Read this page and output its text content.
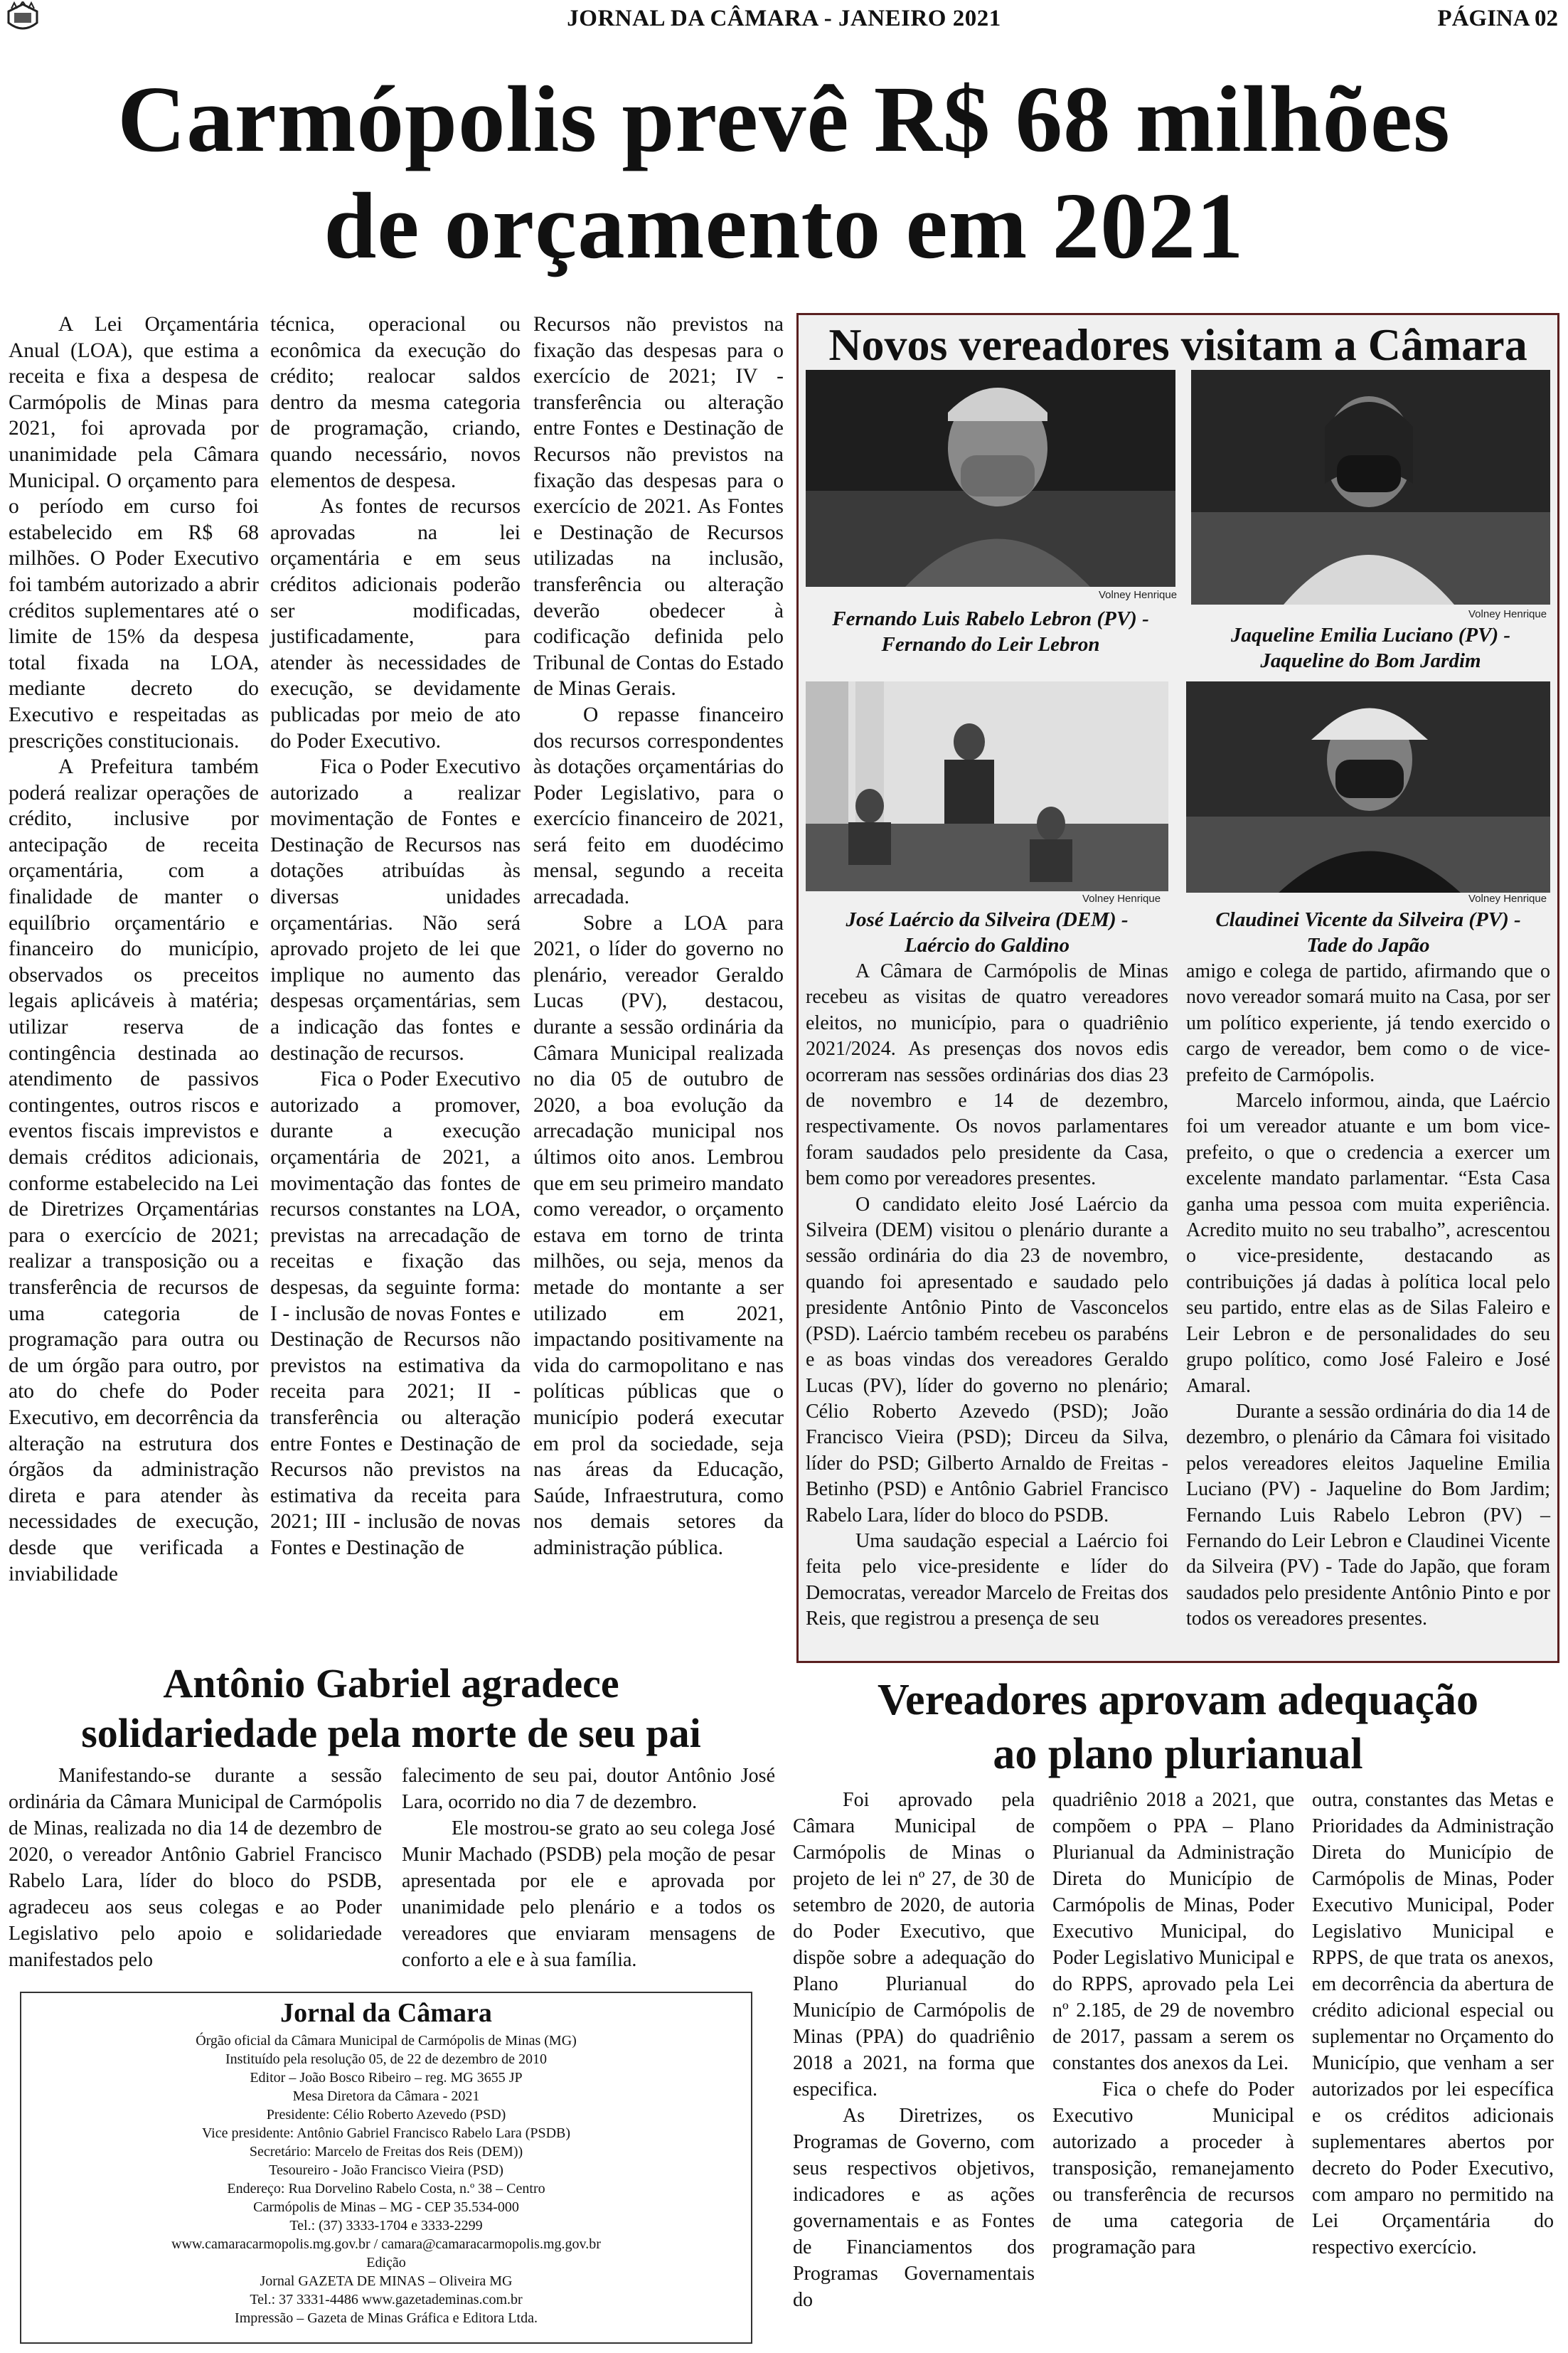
JORNAL DA CÂMARA - JANEIRO 2021	PÁGINA 02
Carmópolis prevê R$ 68 milhões
de orçamento em 2021

A Lei Orçamentária Anual (LOA), que estima a receita e fixa a despesa de Carmópolis de Minas para 2021, foi aprovada por unanimidade pela Câmara Municipal. O orçamento para o período em curso foi estabelecido em R$ 68 milhões. O Poder Executivo foi também autorizado a abrir créditos suplementares até o limite de 15% da despesa total fixada na LOA, mediante decreto do Executivo e respeitadas as prescrições constitucionais.

A Prefeitura também poderá realizar operações de crédito, inclusive por antecipação de receita orçamentária, com a finalidade de manter o equilíbrio orçamentário e financeiro do município, observados os preceitos legais aplicáveis à matéria; utilizar reserva de contingência destinada ao atendimento de passivos contingentes, outros riscos e eventos fiscais imprevistos e demais créditos adicionais, conforme estabelecido na Lei de Diretrizes Orçamentárias para o exercício de 2021; realizar a transposição ou a transferência de recursos de uma categoria de programação para outra ou de um órgão para outro, por ato do chefe do Poder Executivo, em decorrência da alteração na estrutura dos órgãos da administração direta e para atender às necessidades de execução, desde que verificada a inviabilidade

técnica, operacional ou econômica da execução do crédito; realocar saldos dentro da mesma categoria de programação, criando, quando necessário, novos elementos de despesa.

As fontes de recursos aprovadas na lei orçamentária e em seus créditos adicionais poderão ser modificadas, justificadamente, para atender às necessidades de execução, se devidamente publicadas por meio de ato do Poder Executivo.

Fica o Poder Executivo autorizado a realizar movimentação de Fontes e Destinação de Recursos nas dotações atribuídas às diversas unidades orçamentárias. Não será aprovado projeto de lei que implique no aumento das despesas orçamentárias, sem a indicação das fontes e destinação de recursos.

Fica o Poder Executivo autorizado a promover, durante a execução orçamentária de 2021, a movimentação das fontes de recursos constantes na LOA, previstas na arrecadação de receitas e fixação das despesas, da seguinte forma: I - inclusão de novas Fontes e Destinação de Recursos não previstos na estimativa da receita para 2021; II - transferência ou alteração entre Fontes e Destinação de Recursos não previstos na estimativa da receita para 2021; III - inclusão de novas Fontes e Destinação de

Recursos não previstos na fixação das despesas para o exercício de 2021; IV - transferência ou alteração entre Fontes e Destinação de Recursos não previstos na fixação das despesas para o exercício de 2021. As Fontes e Destinação de Recursos utilizadas na inclusão, transferência ou alteração deverão obedecer à codificação definida pelo Tribunal de Contas do Estado de Minas Gerais.

O repasse financeiro dos recursos correspondentes às dotações orçamentárias do Poder Legislativo, para o exercício financeiro de 2021, será feito em duodécimo mensal, segundo a receita arrecadada.

Sobre a LOA para 2021, o líder do governo no plenário, vereador Geraldo Lucas (PV), destacou, durante a sessão ordinária da Câmara Municipal realizada no dia 05 de outubro de 2020, a boa evolução da arrecadação municipal nos últimos oito anos. Lembrou que em seu primeiro mandato como vereador, o orçamento estava em torno de trinta milhões, ou seja, menos da metade do montante a ser utilizado em 2021, impactando positivamente na vida do carmopolitano e nas políticas públicas que o município poderá executar em prol da sociedade, seja nas áreas da Educação, Saúde, Infraestrutura, como nos demais setores da administração pública.

Novos vereadores visitam a Câmara
Volney Henrique
Fernando Luis Rabelo Lebron (PV) -
Fernando do Leir Lebron
Volney Henrique
Jaqueline Emilia Luciano (PV) -
Jaqueline do Bom Jardim
Volney Henrique
José Laércio da Silveira (DEM) -
Laércio do Galdino
Volney Henrique
Claudinei Vicente da Silveira (PV) -
Tade do Japão

A Câmara de Carmópolis de Minas recebeu as visitas de quatro vereadores eleitos, no município, para o quadriênio 2021/2024. As presenças dos novos edis ocorreram nas sessões ordinárias dos dias 23 de novembro e 14 de dezembro, respectivamente. Os novos parlamentares foram saudados pelo presidente da Casa, bem como por vereadores presentes.

O candidato eleito José Laércio da Silveira (DEM) visitou o plenário durante a sessão ordinária do dia 23 de novembro, quando foi apresentado e saudado pelo presidente Antônio Pinto de Vasconcelos (PSD). Laércio também recebeu os parabéns e as boas vindas dos vereadores Geraldo Lucas (PV), líder do governo no plenário; Célio Roberto Azevedo (PSD); João Francisco Vieira (PSD); Dirceu da Silva, líder do PSD; Gilberto Arnaldo de Freitas - Betinho (PSD) e Antônio Gabriel Francisco Rabelo Lara, líder do bloco do PSDB.

Uma saudação especial a Laércio foi feita pelo vice-presidente e líder do Democratas, vereador Marcelo de Freitas dos Reis, que registrou a presença de seu

amigo e colega de partido, afirmando que o novo vereador somará muito na Casa, por ser um político experiente, já tendo exercido o cargo de vereador, bem como o de vice-prefeito de Carmópolis.

Marcelo informou, ainda, que Laércio foi um vereador atuante e um bom vice-prefeito, o que o credencia a exercer um excelente mandato parlamentar. “Esta Casa ganha uma pessoa com muita experiência. Acredito muito no seu trabalho”, acrescentou o vice-presidente, destacando as contribuições já dadas à política local pelo seu partido, entre elas as de Silas Faleiro e Leir Lebron e de personalidades do seu grupo político, como José Faleiro e José Amaral.

Durante a sessão ordinária do dia 14 de dezembro, o plenário da Câmara foi visitado pelos vereadores eleitos Jaqueline Emilia Luciano (PV) - Jaqueline do Bom Jardim; Fernando Luis Rabelo Lebron (PV) – Fernando do Leir Lebron e Claudinei Vicente da Silveira (PV) - Tade do Japão, que foram saudados pelo presidente Antônio Pinto e por todos os vereadores presentes.

Antônio Gabriel agradece
solidariedade pela morte de seu pai

Manifestando-se durante a sessão ordinária da Câmara Municipal de Carmópolis de Minas, realizada no dia 14 de dezembro de 2020, o vereador Antônio Gabriel Francisco Rabelo Lara, líder do bloco do PSDB, agradeceu aos seus colegas e ao Poder Legislativo pelo apoio e solidariedade manifestados pelo

falecimento de seu pai, doutor Antônio José Lara, ocorrido no dia 7 de dezembro.

Ele mostrou-se grato ao seu colega José Munir Machado (PSDB) pela moção de pesar apresentada por ele e aprovada por unanimidade pelo plenário e a todos os vereadores que enviaram mensagens de conforto a ele e à sua família.

Vereadores aprovam adequação
ao plano plurianual

Foi aprovado pela Câmara Municipal de Carmópolis de Minas o projeto de lei nº 27, de 30 de setembro de 2020, de autoria do Poder Executivo, que dispõe sobre a adequação do Plano Plurianual do Município de Carmópolis de Minas (PPA) do quadriênio 2018 a 2021, na forma que especifica.

As Diretrizes, os Programas de Governo, com seus respectivos objetivos, indicadores e as ações governamentais e as Fontes de Financiamentos dos Programas Governamentais do

quadriênio 2018 a 2021, que compõem o PPA – Plano Plurianual da Administração Direta do Município de Carmópolis de Minas, Poder Executivo Municipal, do Poder Legislativo Municipal e do RPPS, aprovado pela Lei nº 2.185, de 29 de novembro de 2017, passam a serem os constantes dos anexos da Lei.

Fica o chefe do Poder Executivo Municipal autorizado a proceder à transposição, remanejamento ou transferência de recursos de uma categoria de programação para

outra, constantes das Metas e Prioridades da Administração Direta do Município de Carmópolis de Minas, Poder Executivo Municipal, Poder Legislativo Municipal e RPPS, de que trata os anexos, em decorrência da abertura de crédito adicional especial ou suplementar no Orçamento do Município, que venham a ser autorizados por lei específica e os créditos adicionais suplementares abertos por decreto do Poder Executivo, com amparo no permitido na Lei Orçamentária do respectivo exercício.

Jornal da Câmara
Órgão oficial da Câmara Municipal de Carmópolis de Minas (MG)
Instituído pela resolução 05, de 22 de dezembro de 2010
Editor – João Bosco Ribeiro – reg. MG 3655 JP
Mesa Diretora da Câmara - 2021
Presidente: Célio Roberto Azevedo (PSD)
Vice presidente: Antônio Gabriel Francisco Rabelo Lara (PSDB)
Secretário: Marcelo de Freitas dos Reis (DEM))
Tesoureiro - João Francisco Vieira (PSD)
Endereço: Rua Dorvelino Rabelo Costa, n.º 38 – Centro
Carmópolis de Minas – MG - CEP 35.534-000
Tel.: (37) 3333-1704 e 3333-2299
www.camaracarmopolis.mg.gov.br / camara@camaracarmopolis.mg.gov.br
Edição
Jornal GAZETA DE MINAS – Oliveira MG
Tel.: 37 3331-4486 www.gazetademinas.com.br
Impressão – Gazeta de Minas Gráfica e Editora Ltda.
